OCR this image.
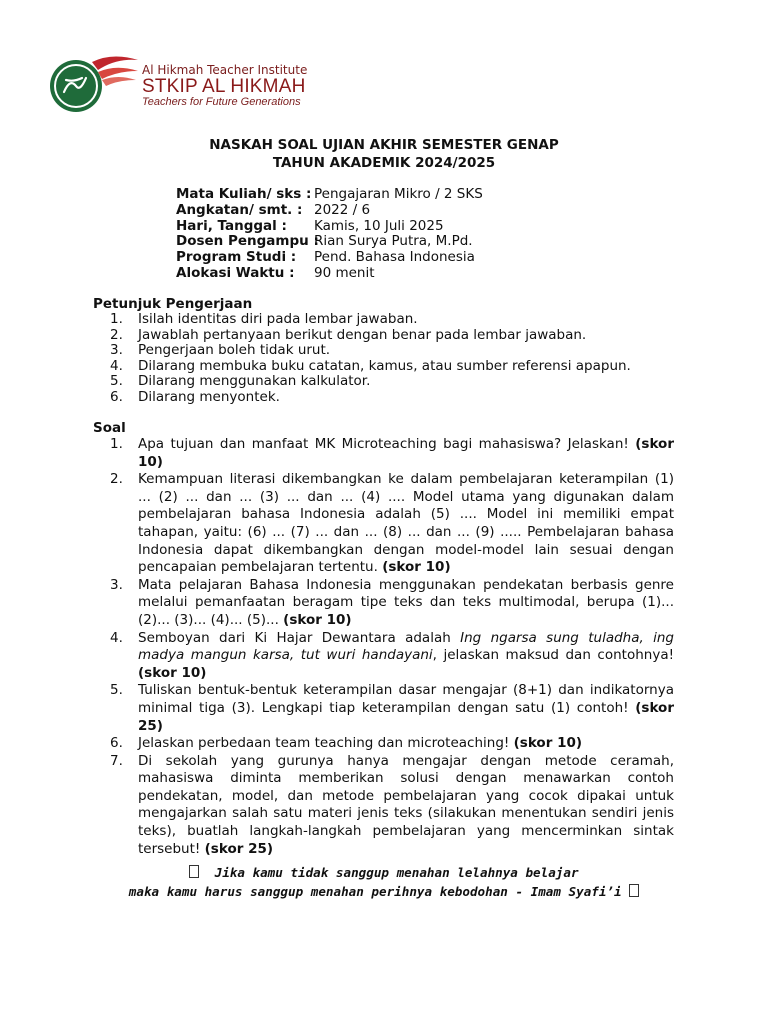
Al Hikmah Teacher Institute
STKIP AL HIKMAH
Teachers for Future Generations
NASKAH SOAL UJIAN AKHIR SEMESTER GENAP
TAHUN AKADEMIK 2024/2025
Mata Kuliah/ sks : Pengajaran Mikro / 2 SKS
Angkatan/ smt. : 2022 / 6
Hari, Tanggal : Kamis, 10 Juli 2025
Dosen Pengampu :Rian Surya Putra, M.Pd.
Program Studi : Pend. Bahasa Indonesia
Alokasi Waktu : 90 menit
Petunjuk Pengerjaan
1. Isilah identitas diri pada lembar jawaban.
2. Jawablah pertanyaan berikut dengan benar pada lembar jawaban.
3. Pengerjaan boleh tidak urut.
4. Dilarang membuka buku catatan, kamus, atau sumber referensi apapun.
5. Dilarang menggunakan kalkulator.
6. Dilarang menyontek.
Soal
1. Apa tujuan dan manfaat MK Microteaching bagi mahasiswa? Jelaskan! (skor 10)
2. Kemampuan literasi dikembangkan ke dalam pembelajaran keterampilan (1) ... (2) ... dan ... (3) ... dan ... (4) .... Model utama yang digunakan dalam pembelajaran bahasa Indonesia adalah (5) .... Model ini memiliki empat tahapan, yaitu: (6) ... (7) ... dan ... (8) ... dan ... (9) ..... Pembelajaran bahasa Indonesia dapat dikembangkan dengan model-model lain sesuai dengan pencapaian pembelajaran tertentu. (skor 10)
3. Mata pelajaran Bahasa Indonesia menggunakan pendekatan berbasis genre melalui pemanfaatan beragam tipe teks dan teks multimodal, berupa (1)... (2)... (3)... (4)... (5)... (skor 10)
4. Semboyan dari Ki Hajar Dewantara adalah Ing ngarsa sung tuladha, ing madya mangun karsa, tut wuri handayani, jelaskan maksud dan contohnya! (skor 10)
5. Tuliskan bentuk-bentuk keterampilan dasar mengajar (8+1) dan indikatornya minimal tiga (3). Lengkapi tiap keterampilan dengan satu (1) contoh! (skor 25)
6. Jelaskan perbedaan team teaching dan microteaching! (skor 10)
7. Di sekolah yang gurunya hanya mengajar dengan metode ceramah, mahasiswa diminta memberikan solusi dengan menawarkan contoh pendekatan, model, dan metode pembelajaran yang cocok dipakai untuk mengajarkan salah satu materi jenis teks (silakukan menentukan sendiri jenis teks), buatlah langkah-langkah pembelajaran yang mencerminkan sintak tersebut! (skor 25)
Jika kamu tidak sanggup menahan lelahnya belajar
maka kamu harus sanggup menahan perihnya kebodohan - Imam Syafi’i
